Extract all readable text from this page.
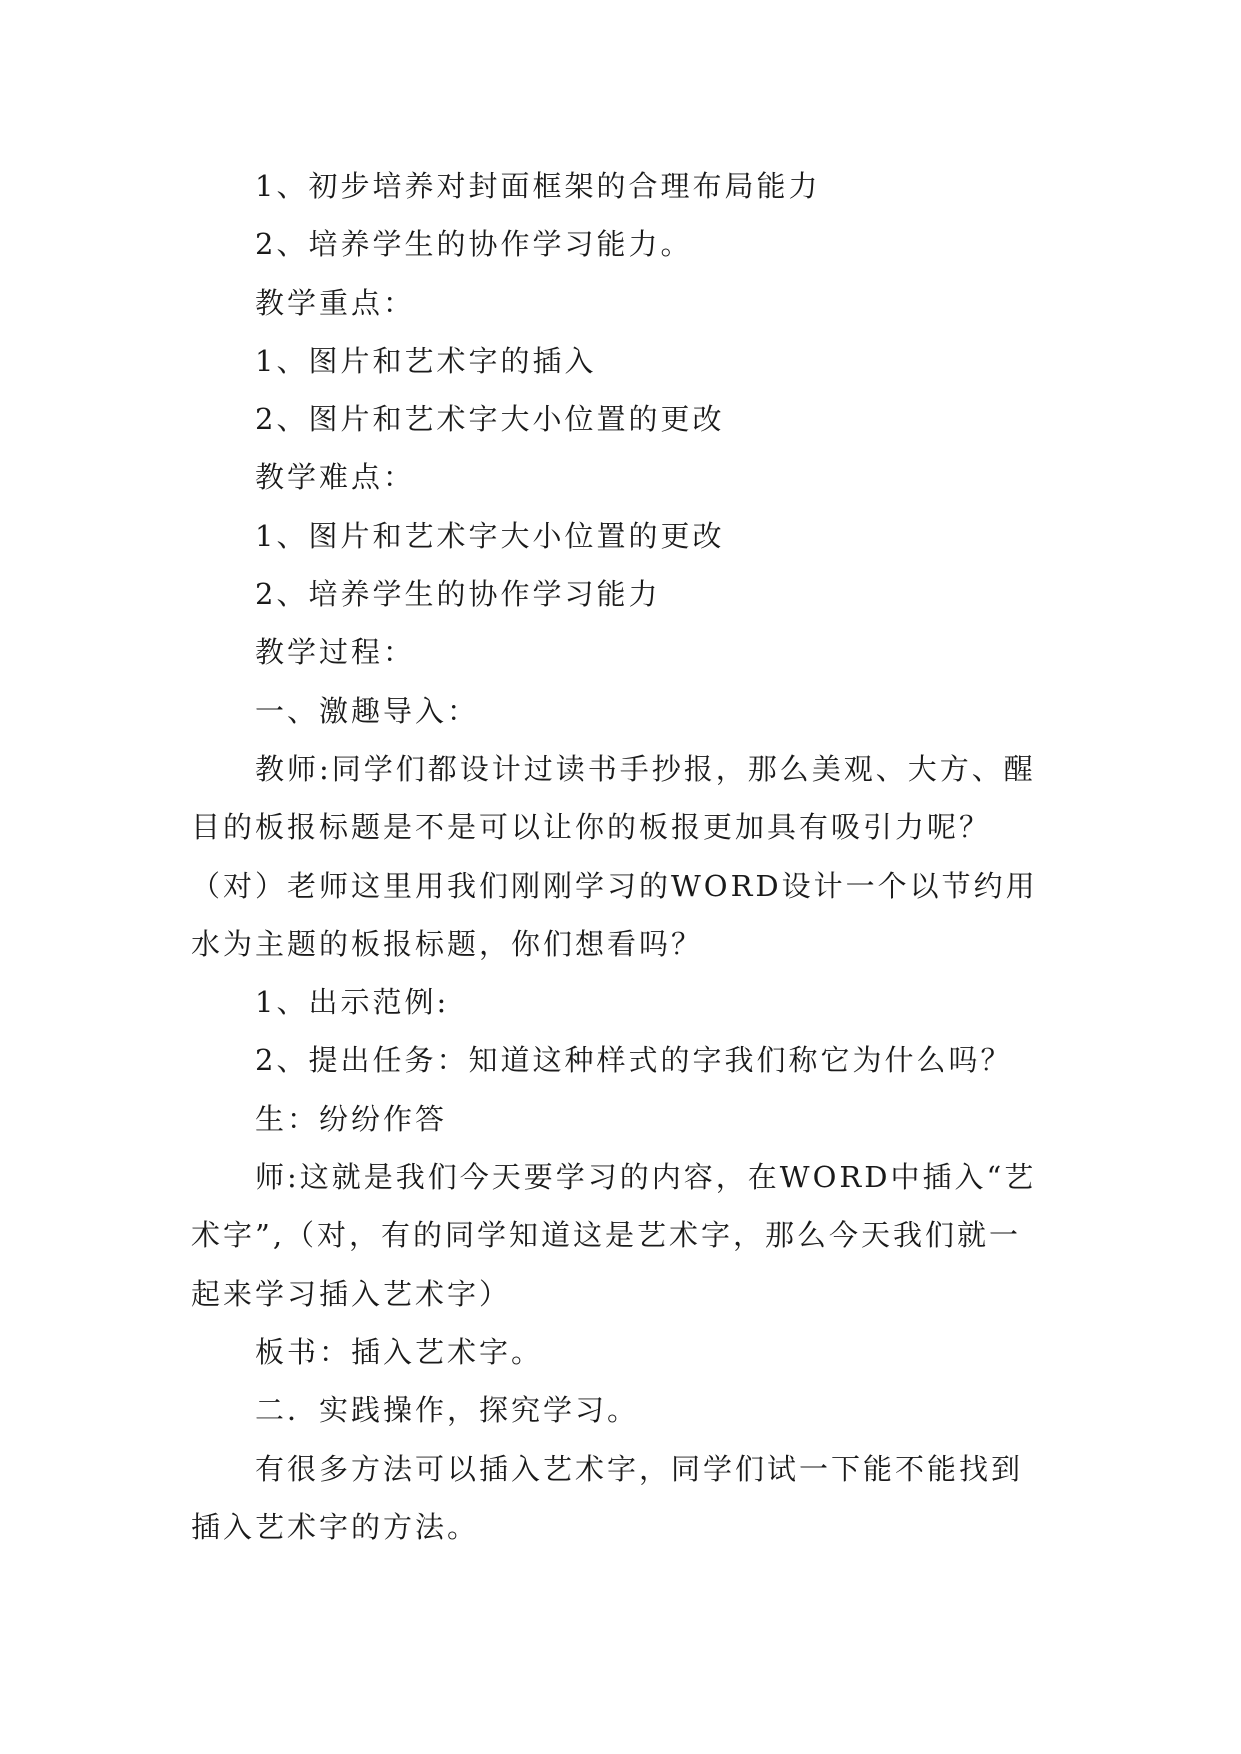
1、初步培养对封面框架的合理布局能力

2、培养学生的协作学习能力。

教学重点：

1、图片和艺术字的插入

2、图片和艺术字大小位置的更改

教学难点：

1、图片和艺术字大小位置的更改

2、培养学生的协作学习能力

教学过程：

一、激趣导入：

教师:同学们都设计过读书手抄报，那么美观、大方、醒目的板报标题是不是可以让你的板报更加具有吸引力呢？（对）老师这里用我们刚刚学习的WORD设计一个以节约用水为主题的板报标题，你们想看吗？

1、出示范例:

2、提出任务：知道这种样式的字我们称它为什么吗？

生：纷纷作答

师:这就是我们今天要学习的内容，在WORD中插入“艺术字”,（对，有的同学知道这是艺术字，那么今天我们就一起来学习插入艺术字）

板书：插入艺术字。

二．实践操作，探究学习。

有很多方法可以插入艺术字，同学们试一下能不能找到插入艺术字的方法。
